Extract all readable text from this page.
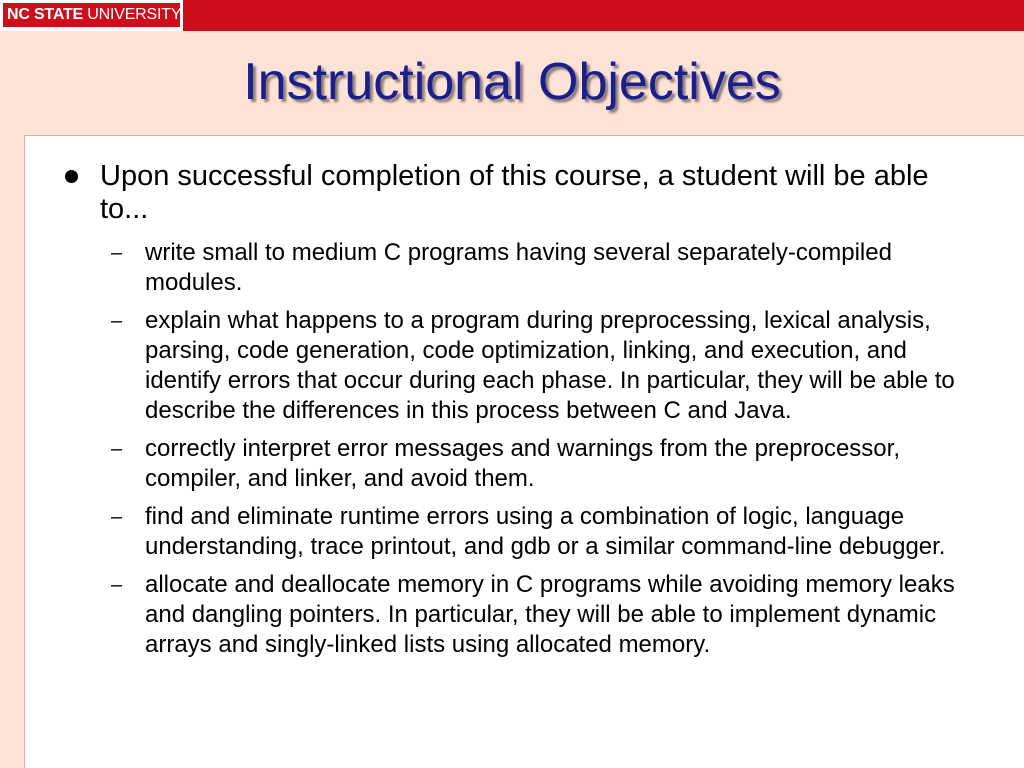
NC STATE UNIVERSITY
Instructional Objectives
Upon successful completion of this course, a student will be able to...
– write small to medium C programs having several separately-compiled modules.
– explain what happens to a program during preprocessing, lexical analysis, parsing, code generation, code optimization, linking, and execution, and identify errors that occur during each phase. In particular, they will be able to describe the differences in this process between C and Java.
– correctly interpret error messages and warnings from the preprocessor, compiler, and linker, and avoid them.
– find and eliminate runtime errors using a combination of logic, language understanding, trace printout, and gdb or a similar command-line debugger.
– allocate and deallocate memory in C programs while avoiding memory leaks and dangling pointers. In particular, they will be able to implement dynamic arrays and singly-linked lists using allocated memory.
